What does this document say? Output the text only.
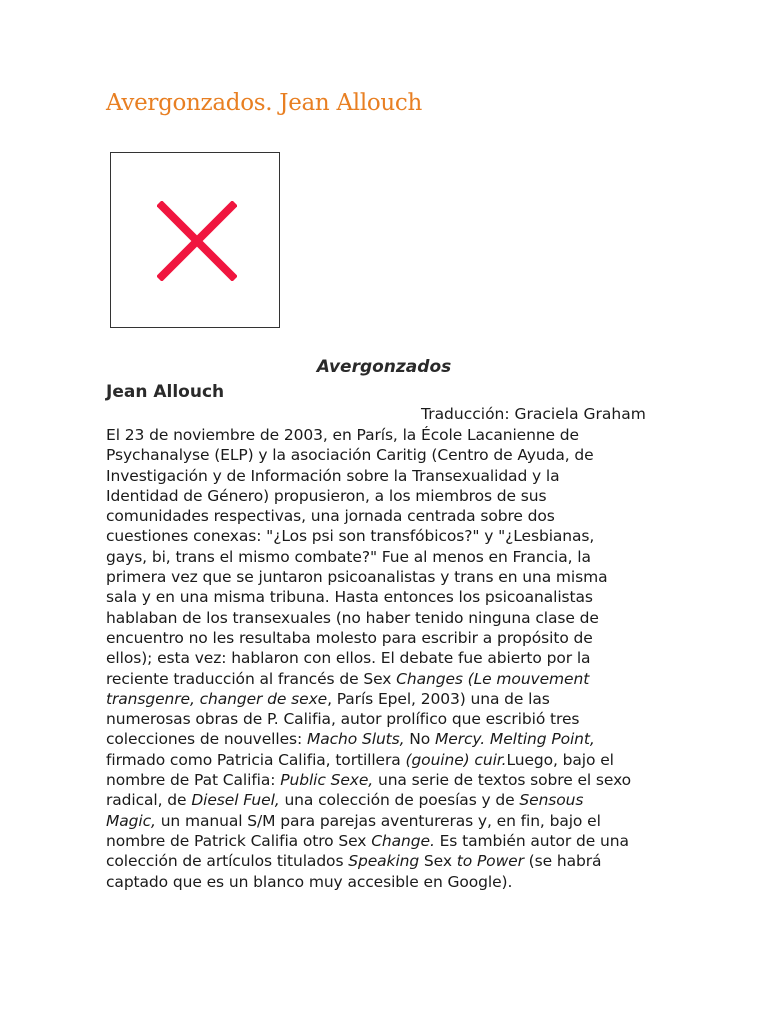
Avergonzados. Jean Allouch
Avergonzados

Jean Allouch

Traducción: Graciela Graham

El 23 de noviembre de 2003, en París, la École Lacanienne de Psychanalyse (ELP) y la asociación Caritig (Centro de Ayuda, de Investigación y de Información sobre la Transexualidad y la Identidad de Género) propusieron, a los miembros de sus comunidades respectivas, una jornada centrada sobre dos cuestiones conexas: "¿Los psi son transfóbicos?" y "¿Lesbianas, gays, bi, trans el mismo combate?" Fue al menos en Francia, la primera vez que se juntaron psicoanalistas y trans en una misma sala y en una misma tribuna. Hasta entonces los psicoanalistas hablaban de los transexuales (no haber tenido ninguna clase de encuentro no les resultaba molesto para escribir a propósito de ellos); esta vez: hablaron con ellos. El debate fue abierto por la reciente traducción al francés de Sex Changes (Le mouvement transgenre, changer de sexe, París Epel, 2003) una de las numerosas obras de P. Califia, autor prolífico que escribió tres colecciones de nouvelles: Macho Sluts, No Mercy. Melting Point, firmado como Patricia Califia, tortillera (gouine) cuir.Luego, bajo el nombre de Pat Califia: Public Sexe, una serie de textos sobre el sexo radical, de Diesel Fuel, una colección de poesías y de Sensous Magic, un manual S/M para parejas aventureras y, en fin, bajo el nombre de Patrick Califia otro Sex Change. Es también autor de una colección de artículos titulados Speaking Sex to Power (se habrá captado que es un blanco muy accesible en Google).
